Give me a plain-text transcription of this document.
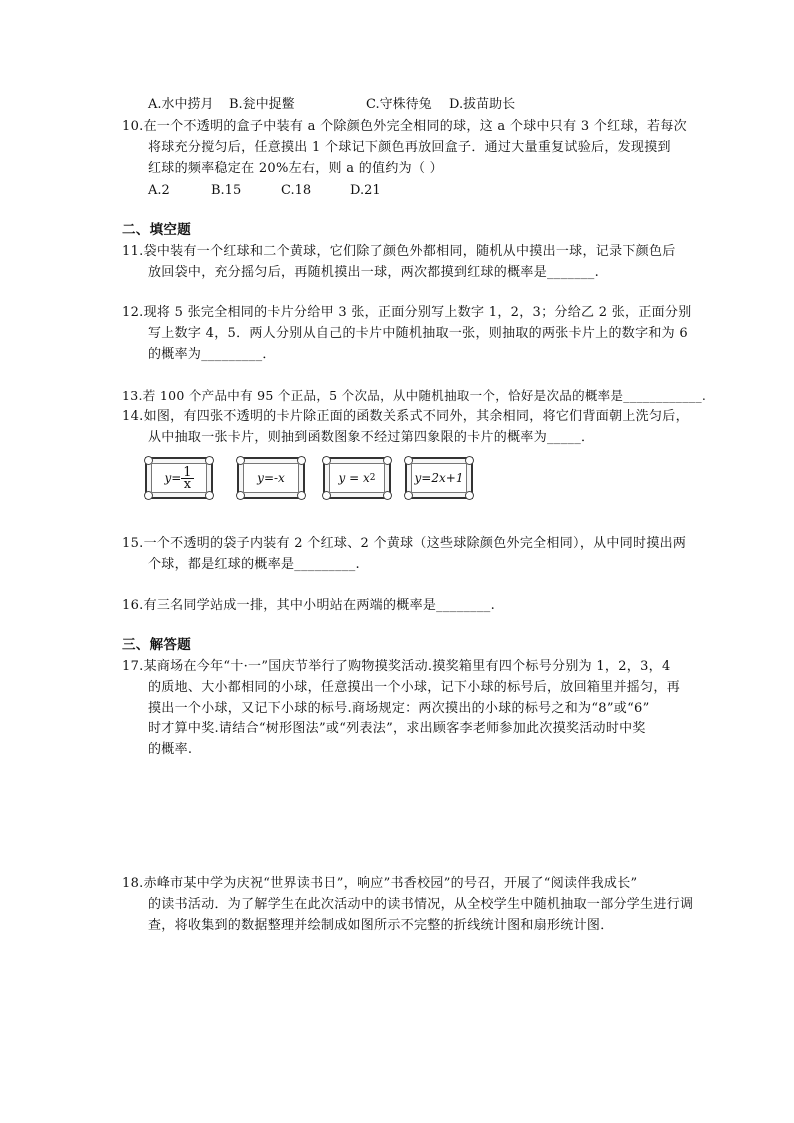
A.水中捞月 B.瓮中捉鳖	C.守株待兔 D.拔苗助长
10.在一个不透明的盒子中装有 a 个除颜色外完全相同的球，这 a 个球中只有 3 个红球，若每次
将球充分搅匀后，任意摸出 1 个球记下颜色再放回盒子．通过大量重复试验后，发现摸到
红球的频率稳定在 20%左右，则 a 的值约为（ ）
A.2	B.15	C.18	D.21
二、填空题
11.袋中装有一个红球和二个黄球，它们除了颜色外都相同，随机从中摸出一球，记录下颜色后
放回袋中，充分摇匀后，再随机摸出一球，两次都摸到红球的概率是_______.
12.现将 5 张完全相同的卡片分给甲 3 张，正面分别写上数字 1，2，3；分给乙 2 张，正面分别
写上数字 4，5．两人分别从自己的卡片中随机抽取一张，则抽取的两张卡片上的数字和为 6
的概率为_________．
13.若 100 个产品中有 95 个正品，5 个次品，从中随机抽取一个，恰好是次品的概率是____________.
14.如图，有四张不透明的卡片除正面的函数关系式不同外，其余相同，将它们背面朝上洗匀后，
从中抽取一张卡片，则抽到函数图象不经过第四象限的卡片的概率为_____．
$y= \frac{1}{x}$	y=-x	y = x 2	y=2x+1
15.一个不透明的袋子内装有 2 个红球、2 个黄球（这些球除颜色外完全相同），从中同时摸出两
个球，都是红球的概率是_________.
16.有三名同学站成一排，其中小明站在两端的概率是________.
三、解答题
17.某商场在今年“十·一”国庆节举行了购物摸奖活动.摸奖箱里有四个标号分别为 1，2，3，4
的质地、大小都相同的小球，任意摸出一个小球，记下小球的标号后，放回箱里并摇匀，再
摸出一个小球，又记下小球的标号.商场规定：两次摸出的小球的标号之和为“8”或“6”
时才算中奖.请结合“树形图法”或“列表法”，求出顾客李老师参加此次摸奖活动时中奖
的概率.
18.赤峰市某中学为庆祝“世界读书日”，响应”书香校园”的号召，开展了“阅读伴我成长”
的读书活动．为了解学生在此次活动中的读书情况，从全校学生中随机抽取一部分学生进行调
查，将收集到的数据整理并绘制成如图所示不完整的折线统计图和扇形统计图．
